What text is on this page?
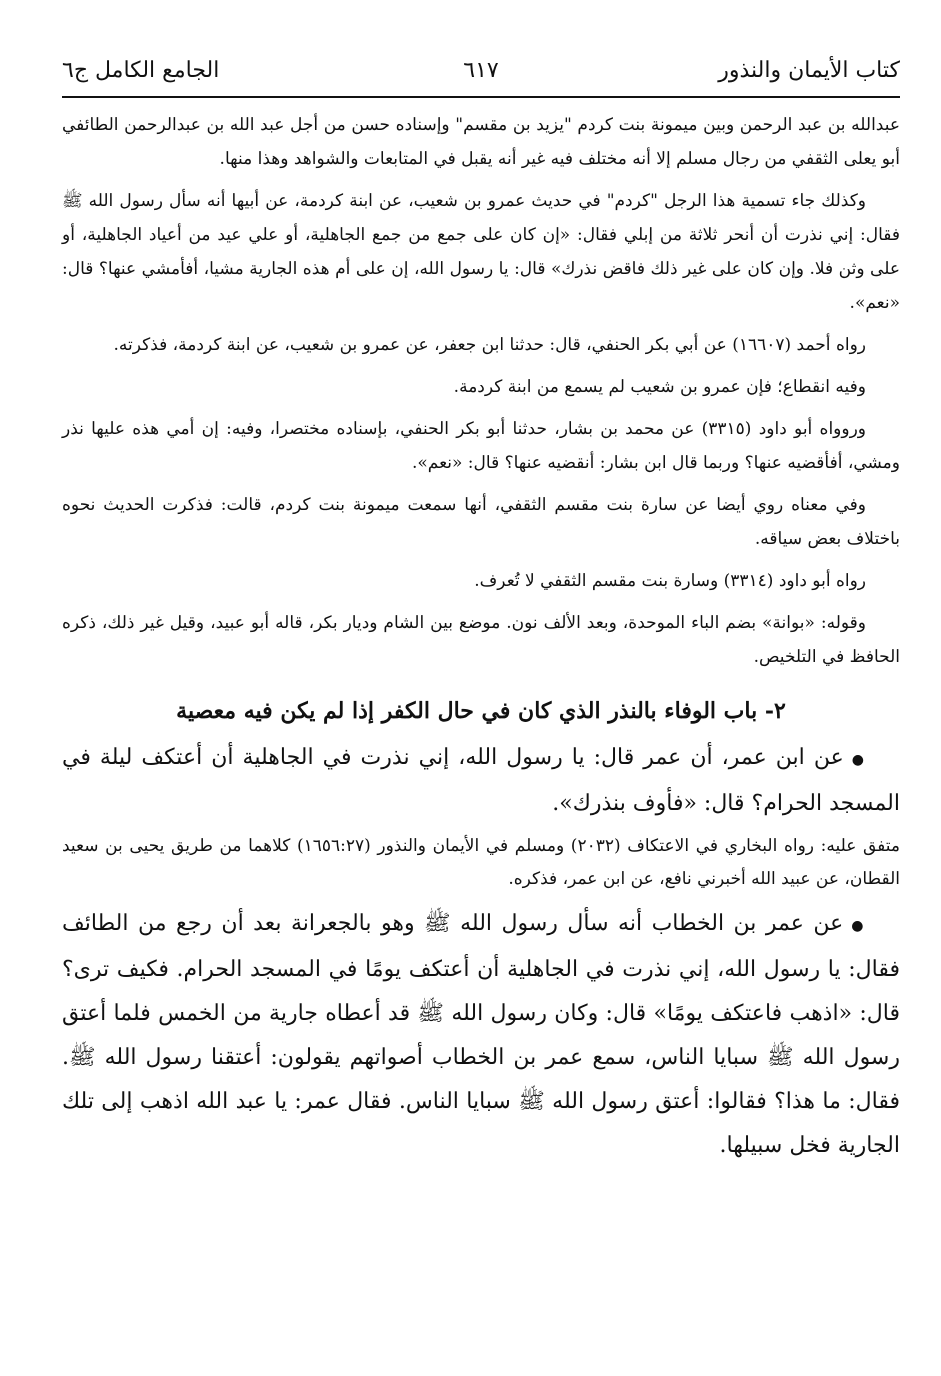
كتاب الأيمان والنذور
٦١٧
الجامع الكامل ج٦

عبدالله بن عبد الرحمن وبين ميمونة بنت كردم "يزيد بن مقسم" وإسناده حسن من أجل عبد الله بن عبدالرحمن الطائفي أبو يعلى الثقفي من رجال مسلم إلا أنه مختلف فيه غير أنه يقبل في المتابعات والشواهد وهذا منها.

وكذلك جاء تسمية هذا الرجل "كردم" في حديث عمرو بن شعيب، عن ابنة كردمة، عن أبيها أنه سأل رسول الله ﷺ فقال: إني نذرت أن أنحر ثلاثة من إبلي فقال: «إن كان على جمع من جمع الجاهلية، أو علي عيد من أعياد الجاهلية، أو على وثن فلا. وإن كان على غير ذلك فاقض نذرك» قال: يا رسول الله، إن على أم هذه الجارية مشيا، أفأمشي عنها؟ قال: «نعم».

رواه أحمد (١٦٦٠٧) عن أبي بكر الحنفي، قال: حدثنا ابن جعفر، عن عمرو بن شعيب، عن ابنة كردمة، فذكرته.

وفيه انقطاع؛ فإن عمرو بن شعيب لم يسمع من ابنة كردمة.

وروواه أبو داود (٣٣١٥) عن محمد بن بشار، حدثنا أبو بكر الحنفي، بإسناده مختصرا، وفيه: إن أمي هذه عليها نذر ومشي، أفأقضيه عنها؟ وربما قال ابن بشار: أنقضيه عنها؟ قال: «نعم».

وفي معناه روي أيضا عن سارة بنت مقسم الثقفي، أنها سمعت ميمونة بنت كردم، قالت: فذكرت الحديث نحوه باختلاف بعض سياقه.

رواه أبو داود (٣٣١٤) وسارة بنت مقسم الثقفي لا تُعرف.

وقوله: «بوانة» بضم الباء الموحدة، وبعد الألف نون. موضع بين الشام وديار بكر، قاله أبو عبيد، وقيل غير ذلك، ذكره الحافظ في التلخيص.

٢- باب الوفاء بالنذر الذي كان في حال الكفر إذا لم يكن فيه معصية

●عن ابن عمر، أن عمر قال: يا رسول الله، إني نذرت في الجاهلية أن أعتكف ليلة في المسجد الحرام؟ قال: «فأوف بنذرك».

متفق عليه: رواه البخاري في الاعتكاف (٢٠٣٢) ومسلم في الأيمان والنذور (١٦٥٦:٢٧) كلاهما من طريق يحيى بن سعيد القطان، عن عبيد الله أخبرني نافع، عن ابن عمر، فذكره.

●عن عمر بن الخطاب أنه سأل رسول الله ﷺ وهو بالجعرانة بعد أن رجع من الطائف فقال: يا رسول الله، إني نذرت في الجاهلية أن أعتكف يومًا في المسجد الحرام. فكيف ترى؟ قال: «اذهب فاعتكف يومًا» قال: وكان رسول الله ﷺ قد أعطاه جارية من الخمس فلما أعتق رسول الله ﷺ سبايا الناس، سمع عمر بن الخطاب أصواتهم يقولون: أعتقنا رسول الله ﷺ. فقال: ما هذا؟ فقالوا: أعتق رسول الله ﷺ سبايا الناس. فقال عمر: يا عبد الله اذهب إلى تلك الجارية فخل سبيلها.
